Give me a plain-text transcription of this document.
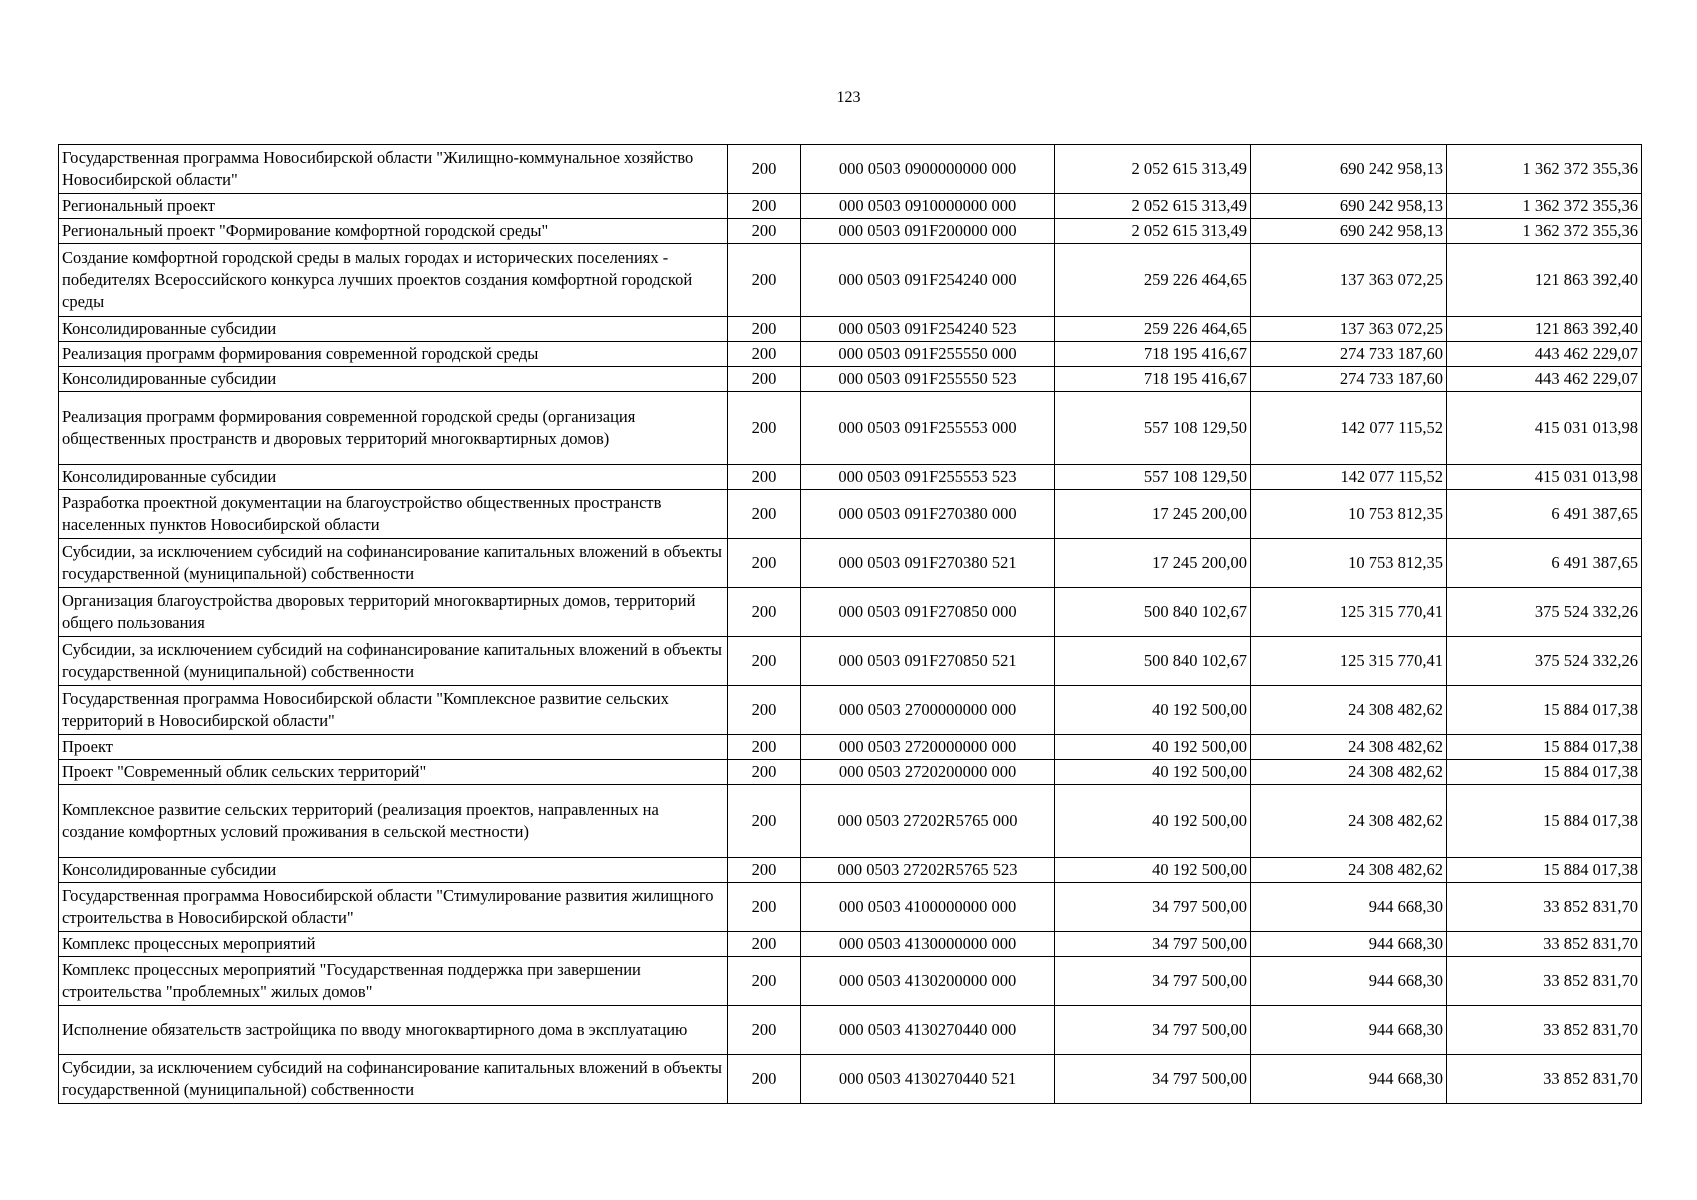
123
Государственная программа Новосибирской области "Жилищно-коммунальное хозяйство Новосибирской области"	200	000 0503 0900000000 000	2 052 615 313,49	690 242 958,13	1 362 372 355,36
Региональный проект	200	000 0503 0910000000 000	2 052 615 313,49	690 242 958,13	1 362 372 355,36
Региональный проект "Формирование комфортной городской среды"	200	000 0503 091F200000 000	2 052 615 313,49	690 242 958,13	1 362 372 355,36
Создание комфортной городской среды в малых городах и исторических поселениях - победителях Всероссийского конкурса лучших проектов создания комфортной городской среды	200	000 0503 091F254240 000	259 226 464,65	137 363 072,25	121 863 392,40
Консолидированные субсидии	200	000 0503 091F254240 523	259 226 464,65	137 363 072,25	121 863 392,40
Реализация программ формирования современной городской среды	200	000 0503 091F255550 000	718 195 416,67	274 733 187,60	443 462 229,07
Консолидированные субсидии	200	000 0503 091F255550 523	718 195 416,67	274 733 187,60	443 462 229,07
Реализация программ формирования современной городской среды (организация общественных пространств и дворовых территорий многоквартирных домов)	200	000 0503 091F255553 000	557 108 129,50	142 077 115,52	415 031 013,98
Консолидированные субсидии	200	000 0503 091F255553 523	557 108 129,50	142 077 115,52	415 031 013,98
Разработка проектной документации на благоустройство общественных пространств населенных пунктов Новосибирской области	200	000 0503 091F270380 000	17 245 200,00	10 753 812,35	6 491 387,65
Субсидии, за исключением субсидий на софинансирование капитальных вложений в объекты государственной (муниципальной) собственности	200	000 0503 091F270380 521	17 245 200,00	10 753 812,35	6 491 387,65
Организация благоустройства дворовых территорий многоквартирных домов, территорий общего пользования	200	000 0503 091F270850 000	500 840 102,67	125 315 770,41	375 524 332,26
Субсидии, за исключением субсидий на софинансирование капитальных вложений в объекты государственной (муниципальной) собственности	200	000 0503 091F270850 521	500 840 102,67	125 315 770,41	375 524 332,26
Государственная программа Новосибирской области "Комплексное развитие сельских территорий в Новосибирской области"	200	000 0503 2700000000 000	40 192 500,00	24 308 482,62	15 884 017,38
Проект	200	000 0503 2720000000 000	40 192 500,00	24 308 482,62	15 884 017,38
Проект "Современный облик сельских территорий"	200	000 0503 2720200000 000	40 192 500,00	24 308 482,62	15 884 017,38
Комплексное развитие сельских территорий (реализация проектов, направленных на создание комфортных условий проживания в сельской местности)	200	000 0503 27202R5765 000	40 192 500,00	24 308 482,62	15 884 017,38
Консолидированные субсидии	200	000 0503 27202R5765 523	40 192 500,00	24 308 482,62	15 884 017,38
Государственная программа Новосибирской области "Стимулирование развития жилищного строительства в Новосибирской области"	200	000 0503 4100000000 000	34 797 500,00	944 668,30	33 852 831,70
Комплекс процессных мероприятий	200	000 0503 4130000000 000	34 797 500,00	944 668,30	33 852 831,70
Комплекс процессных мероприятий "Государственная поддержка при завершении строительства "проблемных" жилых домов"	200	000 0503 4130200000 000	34 797 500,00	944 668,30	33 852 831,70
Исполнение обязательств застройщика по вводу многоквартирного дома в эксплуатацию	200	000 0503 4130270440 000	34 797 500,00	944 668,30	33 852 831,70
Субсидии, за исключением субсидий на софинансирование капитальных вложений в объекты государственной (муниципальной) собственности	200	000 0503 4130270440 521	34 797 500,00	944 668,30	33 852 831,70
